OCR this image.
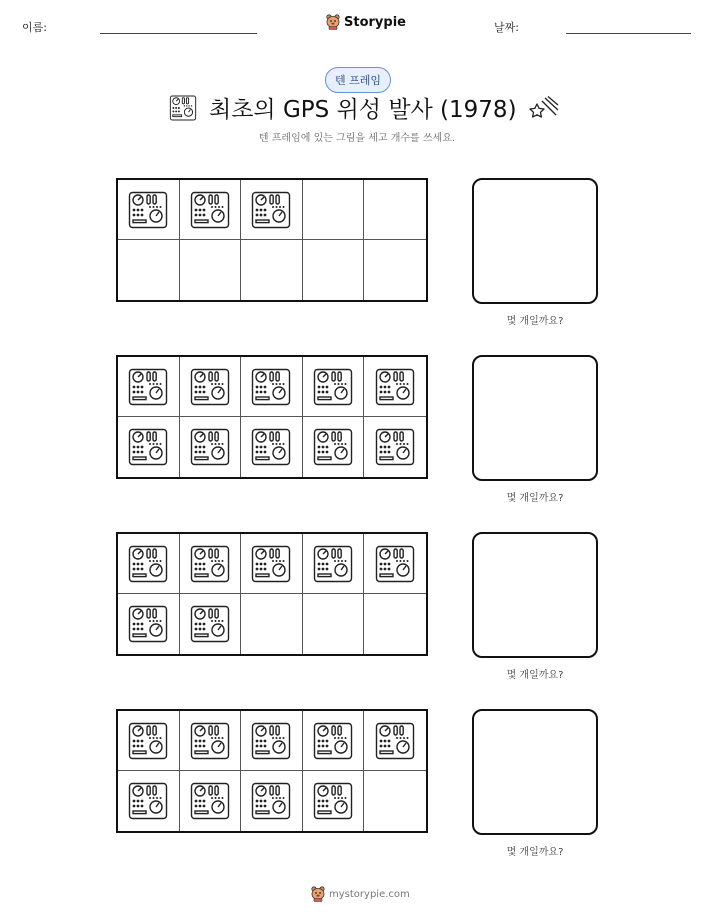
이름:	Storypie	날짜:
텐 프레임
최초의 GPS 위성 발사 (1978)
텐 프레임에 있는 그림을 세고 개수를 쓰세요.
몇 개일까요?
몇 개일까요?
몇 개일까요?
몇 개일까요?
mystorypie.com
